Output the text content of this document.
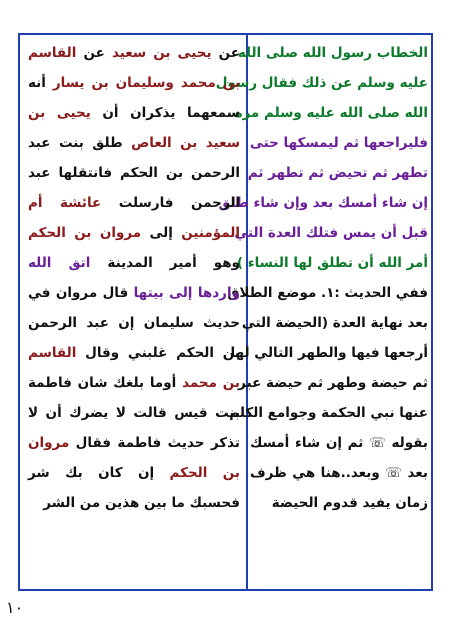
الخطاب رسول الله صلى الله
عليه وسلم عن ذلك فقال رسول
الله صلى الله عليه وسلم مره
فليراجعها ثم ليمسكها حتى
تطهر ثم تحيض ثم تطهر ثم
إن شاء أمسك بعد وإن شاء طلق
قبل أن يمس فتلك العدة التي
أمر الله أن تطلق لها النساء )
ففي الحديث :١. موضع الطلاق
بعد نهاية العدة (الحيضة التي
أرجعها فيها والطهر التالي لها
ثم حيضة وطهر ثم حيضة عبر
عنها نبي الحكمة وجوامع الكلم
بقوله ☏ ثم إن شاء أمسك
بعد ☏ وبعد..هنا هي ظرف
زمان يفيد قدوم الحيضة
عن يحيى بن سعيد عن القاسم
بن محمد وسليمان بن يسار أنه
سمعهما يذكران أن يحيى بن
سعيد بن العاص طلق بنت عبد
الرحمن بن الحكم فانتقلها عبد
الرحمن فارسلت عائشة أم
المؤمنين إلى مروان بن الحكم
وهو أمير المدينة اتق الله
واردها إلى بيتها قال مروان في
حديث سليمان إن عبد الرحمن
بن الحكم غلبني وقال القاسم
بن محمد أوما بلغك شان فاطمة
بنت قيس قالت لا يضرك أن لا
تذكر حديث فاطمة فقال مروان
بن الحكم إن كان بك شر
فحسبك ما بين هذين من الشر
١٠
